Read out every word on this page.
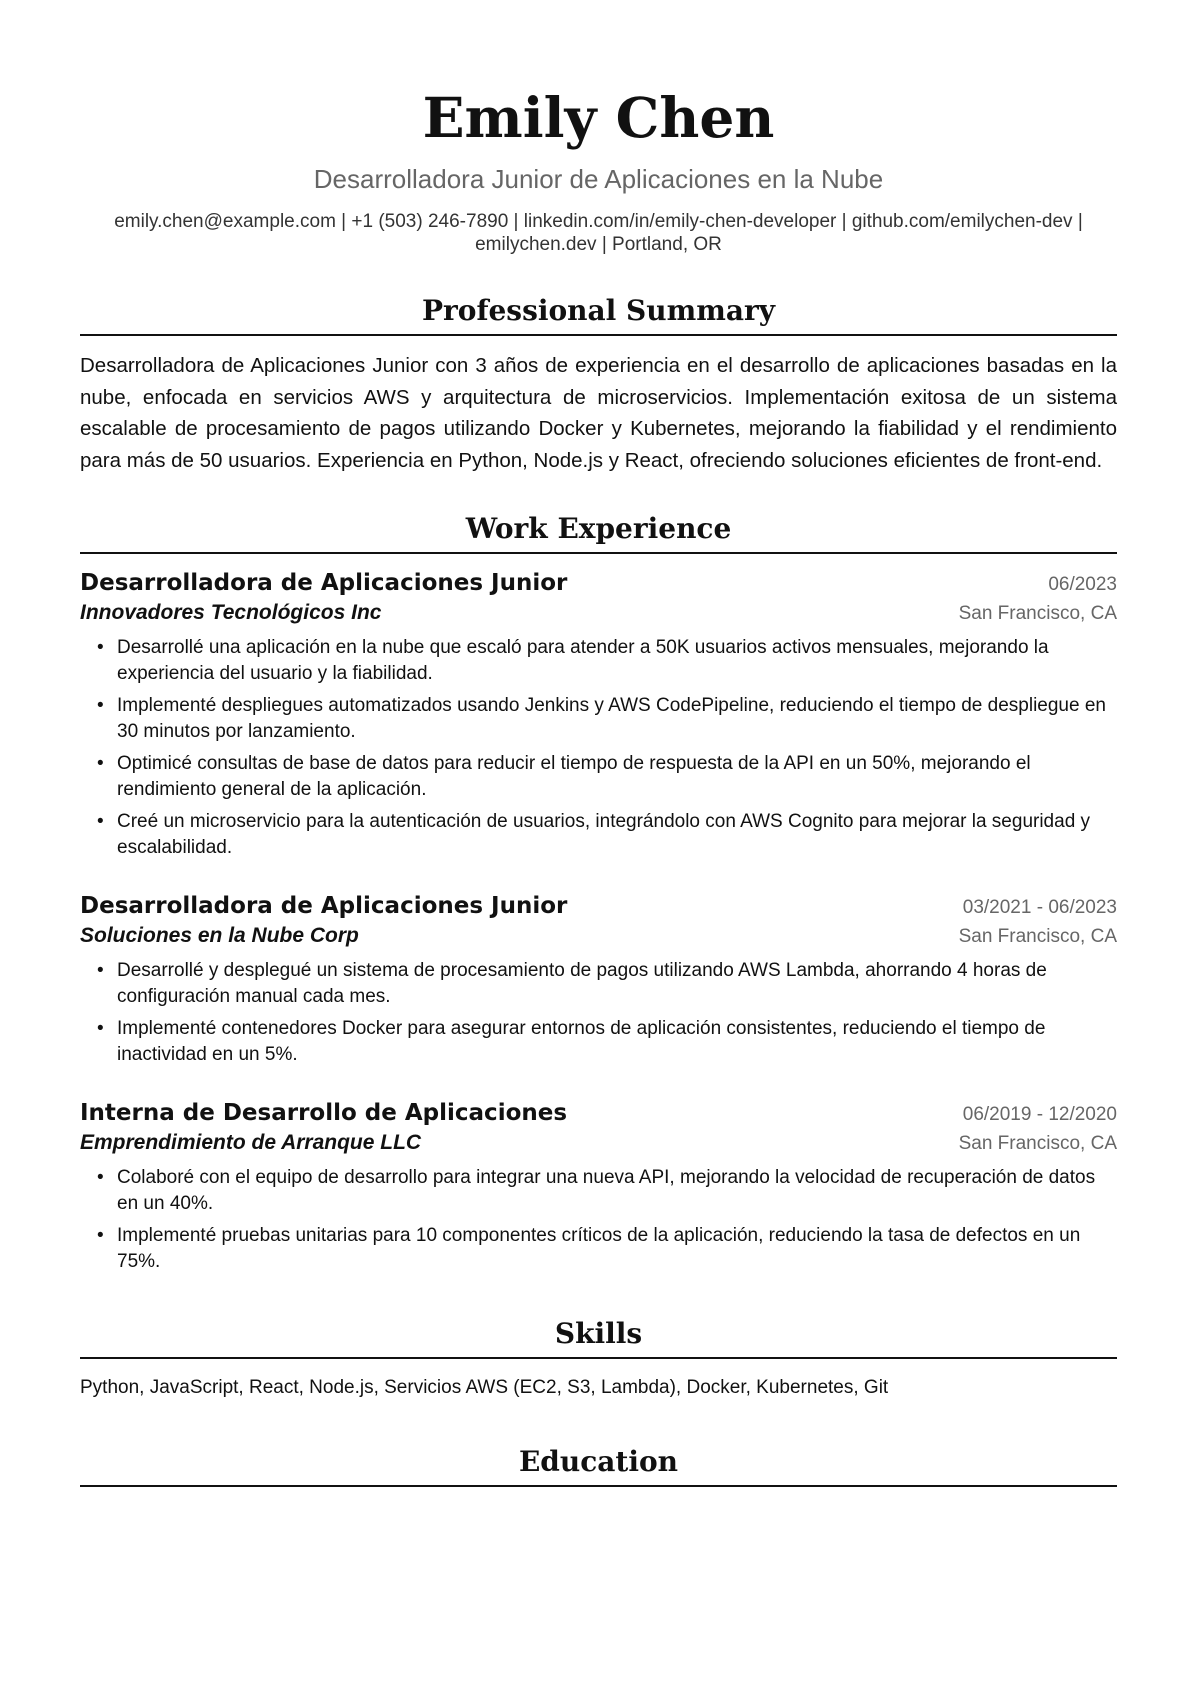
Emily Chen
Desarrolladora Junior de Aplicaciones en la Nube
emily.chen@example.com | +1 (503) 246-7890 | linkedin.com/in/emily-chen-developer | github.com/emilychen-dev |
emilychen.dev | Portland, OR
Professional Summary
Desarrolladora de Aplicaciones Junior con 3 años de experiencia en el desarrollo de aplicaciones basadas en la nube, enfocada en servicios AWS y arquitectura de microservicios. Implementación exitosa de un sistema escalable de procesamiento de pagos utilizando Docker y Kubernetes, mejorando la fiabilidad y el rendimiento para más de 50 usuarios. Experiencia en Python, Node.js y React, ofreciendo soluciones eficientes de front-end.
Work Experience
Desarrolladora de Aplicaciones Junior	06/2023
Innovadores Tecnológicos Inc	San Francisco, CA
• Desarrollé una aplicación en la nube que escaló para atender a 50K usuarios activos mensuales, mejorando la experiencia del usuario y la fiabilidad.
• Implementé despliegues automatizados usando Jenkins y AWS CodePipeline, reduciendo el tiempo de despliegue en 30 minutos por lanzamiento.
• Optimicé consultas de base de datos para reducir el tiempo de respuesta de la API en un 50%, mejorando el rendimiento general de la aplicación.
• Creé un microservicio para la autenticación de usuarios, integrándolo con AWS Cognito para mejorar la seguridad y escalabilidad.
Desarrolladora de Aplicaciones Junior	03/2021 - 06/2023
Soluciones en la Nube Corp	San Francisco, CA
• Desarrollé y desplegué un sistema de procesamiento de pagos utilizando AWS Lambda, ahorrando 4 horas de configuración manual cada mes.
• Implementé contenedores Docker para asegurar entornos de aplicación consistentes, reduciendo el tiempo de inactividad en un 5%.
Interna de Desarrollo de Aplicaciones	06/2019 - 12/2020
Emprendimiento de Arranque LLC	San Francisco, CA
• Colaboré con el equipo de desarrollo para integrar una nueva API, mejorando la velocidad de recuperación de datos en un 40%.
• Implementé pruebas unitarias para 10 componentes críticos de la aplicación, reduciendo la tasa de defectos en un 75%.
Skills
Python, JavaScript, React, Node.js, Servicios AWS (EC2, S3, Lambda), Docker, Kubernetes, Git
Education
